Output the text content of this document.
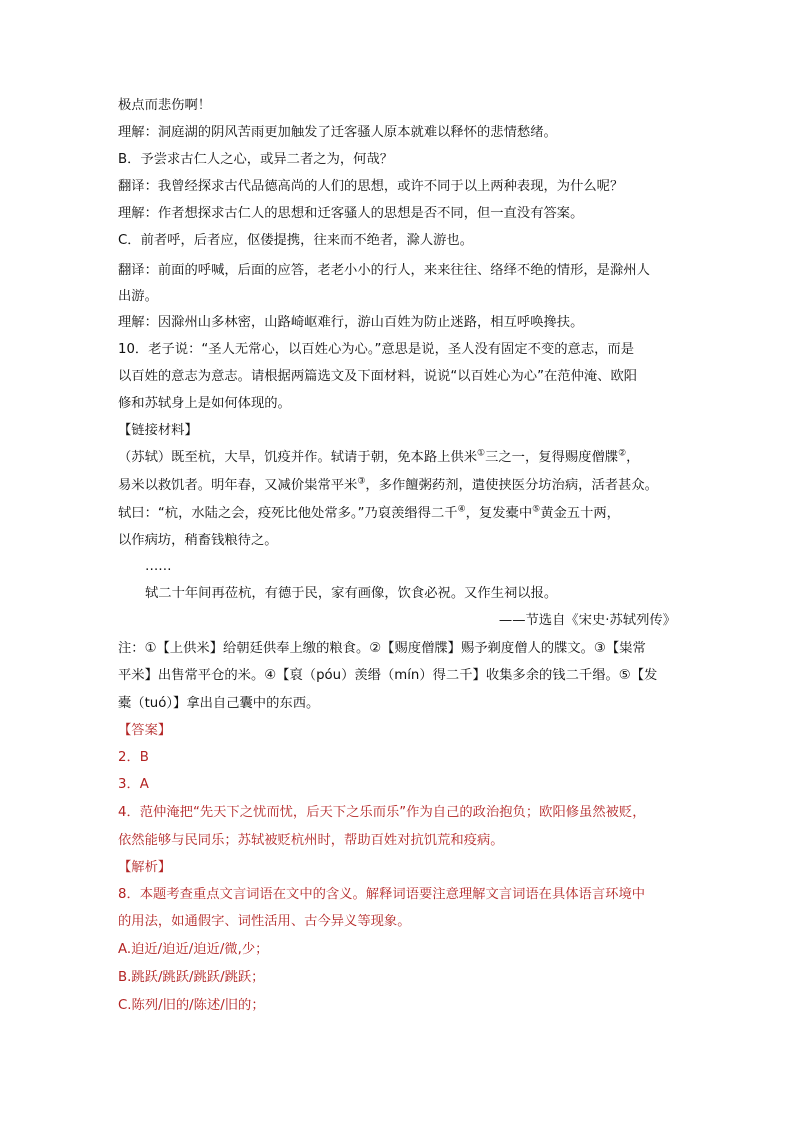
极点而悲伤啊！
理解：洞庭湖的阴风苦雨更加触发了迁客骚人原本就难以释怀的悲情愁绪。
B．予尝求古仁人之心，或异二者之为，何哉？
翻译：我曾经探求古代品德高尚的人们的思想，或许不同于以上两种表现，为什么呢？
理解：作者想探求古仁人的思想和迁客骚人的思想是否不同，但一直没有答案。
C．前者呼，后者应，伛偻提携，往来而不绝者，滁人游也。
翻译：前面的呼喊，后面的应答，老老小小的行人，来来往往、络绎不绝的情形，是滁州人
出游。
理解：因滁州山多林密，山路崎岖难行，游山百姓为防止迷路，相互呼唤搀扶。
10．老子说：“圣人无常心，以百姓心为心。”意思是说，圣人没有固定不变的意志，而是
以百姓的意志为意志。请根据两篇选文及下面材料，说说“以百姓心为心”在范仲淹、欧阳
修和苏轼身上是如何体现的。
【链接材料】
（苏轼）既至杭，大旱，饥疫并作。轼请于朝，免本路上供米①三之一，复得赐度僧牒②，
易米以救饥者。明年春，又减价粜常平米③，多作饘粥药剂，遣使挟医分坊治病，活者甚众。
轼曰：“杭，水陆之会，疫死比他处常多。”乃裒羡缗得二千④，复发橐中⑤黄金五十两，
以作病坊，稍畜钱粮待之。
……
轼二十年间再莅杭，有德于民，家有画像，饮食必祝。又作生祠以报。
——节选自《宋史·苏轼列传》
注：①【上供米】给朝廷供奉上缴的粮食。②【赐度僧牒】赐予剃度僧人的牒文。③【粜常
平米】出售常平仓的米。④【裒（póu）羡缗（mín）得二千】收集多余的钱二千缗。⑤【发
橐（tuó）】拿出自己囊中的东西。
【答案】
2．B
3．A
4．范仲淹把“先天下之忧而忧，后天下之乐而乐”作为自己的政治抱负；欧阳修虽然被贬，
依然能够与民同乐；苏轼被贬杭州时，帮助百姓对抗饥荒和疫病。
【解析】
8．本题考查重点文言词语在文中的含义。解释词语要注意理解文言词语在具体语言环境中
的用法，如通假字、词性活用、古今异义等现象。
A.迫近/迫近/迫近/微,少；
B.跳跃/跳跃/跳跃/跳跃；
C.陈列/旧的/陈述/旧的；
